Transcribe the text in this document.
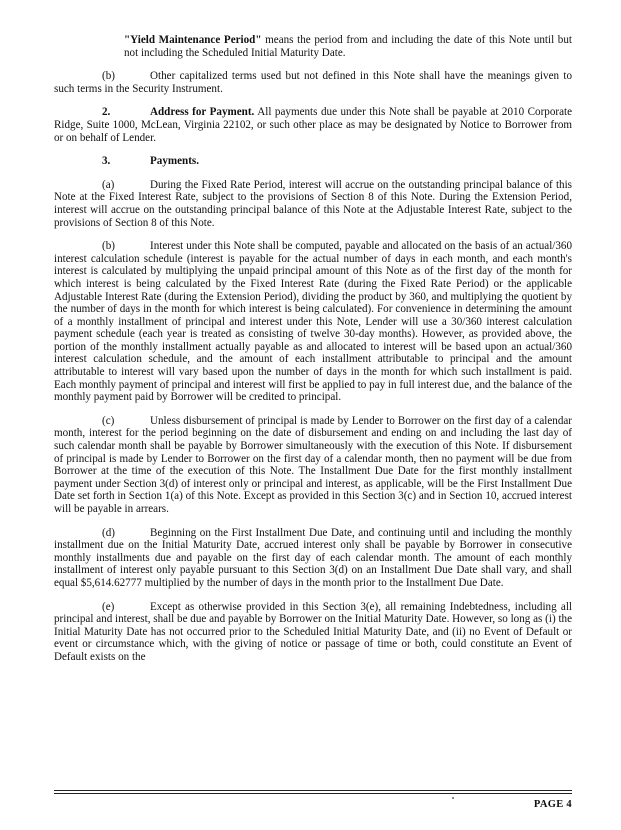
"Yield Maintenance Period" means the period from and including the date of this Note until but not including the Scheduled Initial Maturity Date.

(b)	Other capitalized terms used but not defined in this Note shall have the meanings given to such terms in the Security Instrument.

2.	Address for Payment. All payments due under this Note shall be payable at 2010 Corporate Ridge, Suite 1000, McLean, Virginia 22102, or such other place as may be designated by Notice to Borrower from or on behalf of Lender.

3.	Payments.

(a)	During the Fixed Rate Period, interest will accrue on the outstanding principal balance of this Note at the Fixed Interest Rate, subject to the provisions of Section 8 of this Note. During the Extension Period, interest will accrue on the outstanding principal balance of this Note at the Adjustable Interest Rate, subject to the provisions of Section 8 of this Note.

(b)	Interest under this Note shall be computed, payable and allocated on the basis of an actual/360 interest calculation schedule (interest is payable for the actual number of days in each month, and each month's interest is calculated by multiplying the unpaid principal amount of this Note as of the first day of the month for which interest is being calculated by the Fixed Interest Rate (during the Fixed Rate Period) or the applicable Adjustable Interest Rate (during the Extension Period), dividing the product by 360, and multiplying the quotient by the number of days in the month for which interest is being calculated). For convenience in determining the amount of a monthly installment of principal and interest under this Note, Lender will use a 30/360 interest calculation payment schedule (each year is treated as consisting of twelve 30-day months). However, as provided above, the portion of the monthly installment actually payable as and allocated to interest will be based upon an actual/360 interest calculation schedule, and the amount of each installment attributable to principal and the amount attributable to interest will vary based upon the number of days in the month for which such installment is paid. Each monthly payment of principal and interest will first be applied to pay in full interest due, and the balance of the monthly payment paid by Borrower will be credited to principal.

(c)	Unless disbursement of principal is made by Lender to Borrower on the first day of a calendar month, interest for the period beginning on the date of disbursement and ending on and including the last day of such calendar month shall be payable by Borrower simultaneously with the execution of this Note. If disbursement of principal is made by Lender to Borrower on the first day of a calendar month, then no payment will be due from Borrower at the time of the execution of this Note. The Installment Due Date for the first monthly installment payment under Section 3(d) of interest only or principal and interest, as applicable, will be the First Installment Due Date set forth in Section 1(a) of this Note. Except as provided in this Section 3(c) and in Section 10, accrued interest will be payable in arrears.

(d)	Beginning on the First Installment Due Date, and continuing until and including the monthly installment due on the Initial Maturity Date, accrued interest only shall be payable by Borrower in consecutive monthly installments due and payable on the first day of each calendar month. The amount of each monthly installment of interest only payable pursuant to this Section 3(d) on an Installment Due Date shall vary, and shall equal $5,614.62777 multiplied by the number of days in the month prior to the Installment Due Date.

(e)	Except as otherwise provided in this Section 3(e), all remaining Indebtedness, including all principal and interest, shall be due and payable by Borrower on the Initial Maturity Date. However, so long as (i) the Initial Maturity Date has not occurred prior to the Scheduled Initial Maturity Date, and (ii) no Event of Default or event or circumstance which, with the giving of notice or passage of time or both, could constitute an Event of Default exists on the

PAGE 4
